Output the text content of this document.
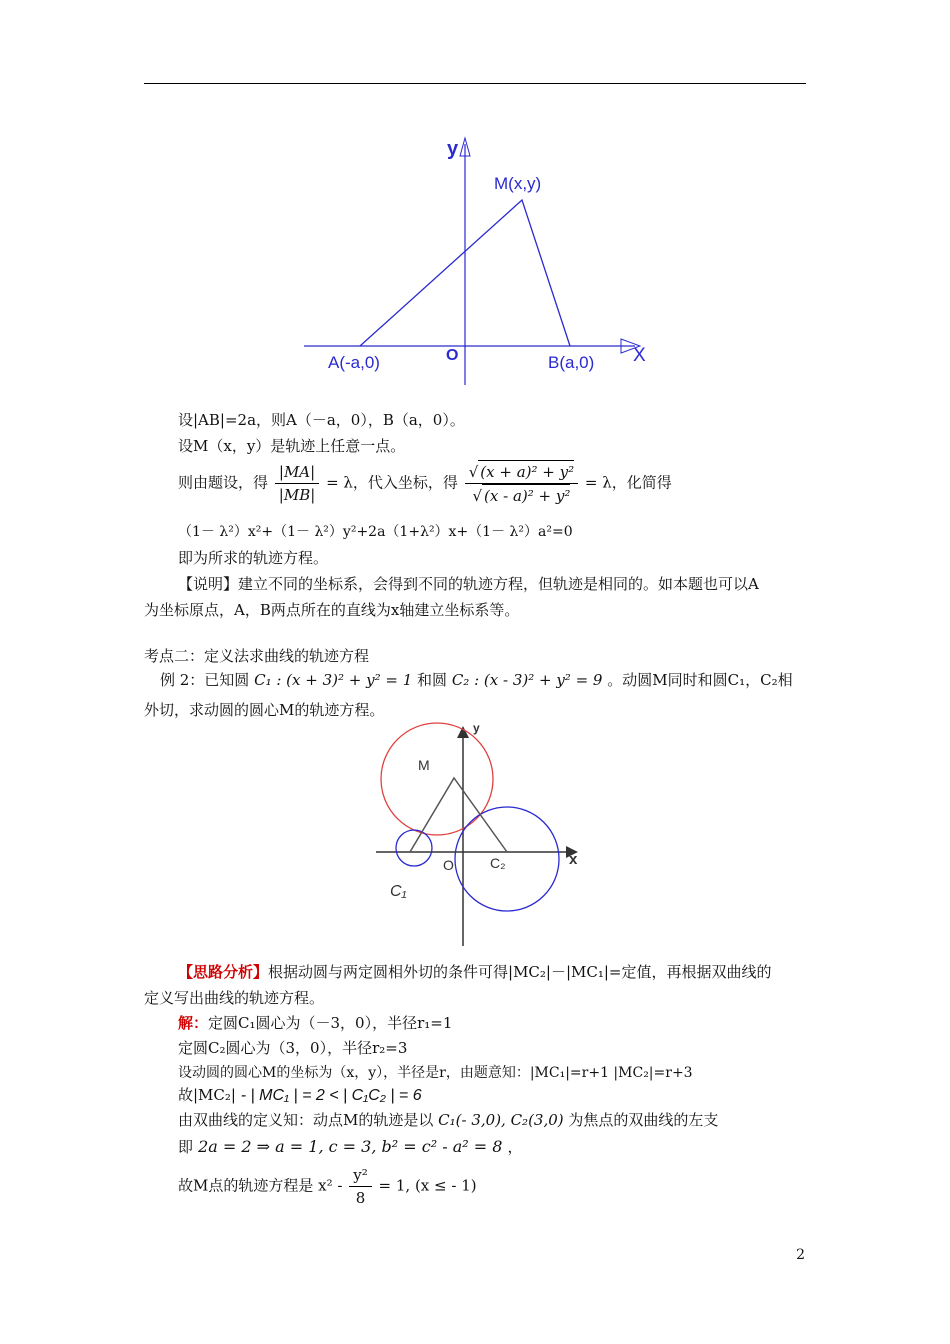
y
X
O
M(x,y)
A(-a,0)	B(a,0)
设|AB|=2a，则A（－a，0），B（a，0）。
设M（x，y）是轨迹上任意一点。
则由题设，得 $\frac{|MA|}{|MB|} = \lambda$，代入坐标，得 $\frac{\text{√ (x + a)² + y²}}{\text{√ (x - a)² + y²}} = \lambda$，化简得
（1－ λ²）x²+（1－ λ²）y²+2a（1+λ²）x+（1－ λ²）a²=0
即为所求的轨迹方程。
【说明】建立不同的坐标系，会得到不同的轨迹方程，但轨迹是相同的。如本题也可以A
为坐标原点，A，B两点所在的直线为x轴建立坐标系等。
考点二：定义法求曲线的轨迹方程
例 2：已知圆 C₁ : (x + 3)² + y² = 1 和圆 C₂ : (x - 3)² + y² = 9 。动圆M同时和圆C₁，C₂相
外切，求动圆的圆心M的轨迹方程。
y
x
O
M
C₁
C₂
【思路分析】根据动圆与两定圆相外切的条件可得|MC₂|－|MC₁|=定值，再根据双曲线的
定义写出曲线的轨迹方程。
解：定圆C₁圆心为（－3，0），半径r₁=1
定圆C₂圆心为（3，0），半径r₂=3
设动圆的圆心M的坐标为（x，y），半径是r，由题意知：|MC₁|=r+1 |MC₂|=r+3
故|MC₂| - | MC₁ | = 2 < | C₁C₂ | = 6
由双曲线的定义知：动点M的轨迹是以 C₁(- 3,0), C₂(3,0) 为焦点的双曲线的左支
即 2a = 2 ⇒ a = 1, c = 3, b² = c² - a² = 8 ，
故M点的轨迹方程是 $x^2 - \frac{\text{y²}}{8} = 1$, (x ≤ - 1)
2
